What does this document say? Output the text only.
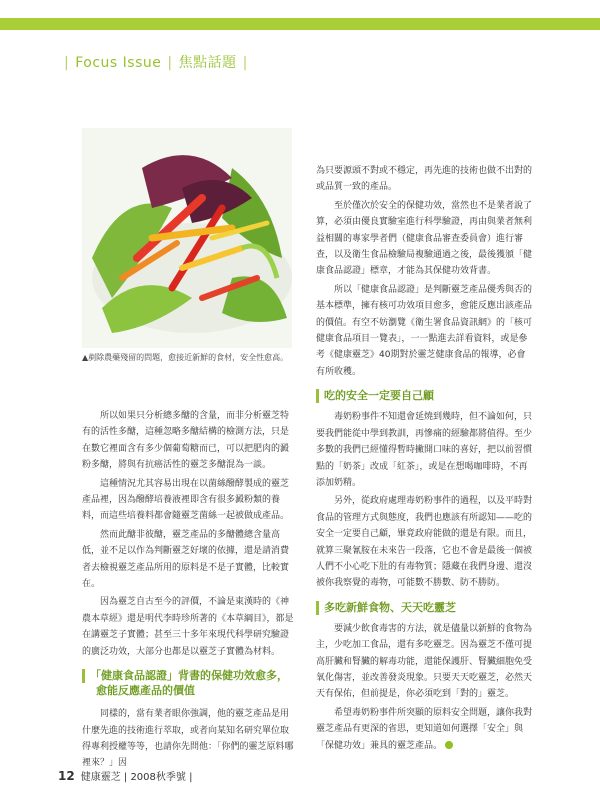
| Focus Issue | 焦點話題 |
▲剷除農藥殘留的問題，愈接近新鮮的食材，安全性愈高。

所以如果只分析總多醣的含量，而非分析靈芝特有的活性多醣，這種忽略多醣結構的檢測方法，只是在數它裡面含有多少個葡萄糖而已，可以把肥肉的澱粉多醣，將與有抗癌活性的靈芝多醣混為一談。

這種情況尤其容易出現在以菌絲醱酵製成的靈芝產品裡，因為醱酵培養液裡即含有很多澱粉類的養料，而這些培養料都會隨靈芝菌絲一起被做成產品。

然而此醣非彼醣，靈芝產品的多醣體總含量高低，並不足以作為判斷靈芝好壞的依據，還是請消費者去檢視靈芝產品所用的原料是不是子實體，比較實在。

因為靈芝自古至今的評價，不論是東漢時的《神農本草經》還是明代李時珍所著的《本草綱目》，都是在講靈芝子實體；甚至三十多年來現代科學研究驗證的廣泛功效，大部分也都是以靈芝子實體為材料。

「健康食品認證」背書的保健功效愈多，
愈能反應產品的價值

同樣的，當有業者眼你強調，他的靈芝產品是用什麼先進的技術進行萃取，或者向某知名研究單位取得專利授權等等，也請你先問他：「你們的靈芝原料哪裡來？」因

為只要源頭不對或不穩定，再先進的技術也做不出對的或品質一致的產品。

至於僅次於安全的保健功效，當然也不是業者說了算，必須由優良實驗室進行科學驗證，再由與業者無利益相關的專家學者們（健康食品審查委員會）進行審查，以及衛生食品檢驗局複驗通過之後，最後獲頒「健康食品認證」標章，才能為其保健功效背書。

所以「健康食品認證」是判斷靈芝產品優秀與否的基本標準，擁有核可功效項目愈多，愈能反應出該產品的價值。有空不妨瀏覽《衛生署食品資訊網》的「核可健康食品項目一覽表」，一一點進去詳看資料，或是參考《健康靈芝》40期對於靈芝健康食品的報導，必會有所收穫。

吃的安全一定要自己顧

毒奶粉事件不知還會延燒到幾時，但不論如何，只要我們能從中學到教訓，再慘痛的經驗都將值得。至少多數的我們已經懂得暫時撇開口味的喜好，把以前習慣點的「奶茶」改成「紅茶」，或是在想喝咖啡時，不再添加奶精。

另外，從政府處理毒奶粉事件的過程，以及平時對食品的管理方式與態度，我們也應該有所認知——吃的安全一定要自己顧，畢竟政府能做的還是有限。而且，就算三聚氰胺在未來告一段落，它也不會是最後一個被人們不小心吃下肚的有毒物質；隱藏在我們身邊、還沒被你我察覺的毒物，可能數不勝數、防不勝防。

多吃新鮮食物、天天吃靈芝

要減少飲食毒害的方法，就是儘量以新鮮的食物為主，少吃加工食品，還有多吃靈芝。因為靈芝不僅可提高肝臟和腎臟的解毒功能，還能保護肝、腎臟細胞免受氧化傷害，並改善發炎現象。只要天天吃靈芝，必然天天有保佑，但前提是，你必須吃到「對的」靈芝。

希望毒奶粉事件所突顯的原料安全問題，讓你我對靈芝產品有更深的省思，更知道如何選擇「安全」與「保健功效」兼具的靈芝產品。

12 健康靈芝 | 2008秋季號 |
